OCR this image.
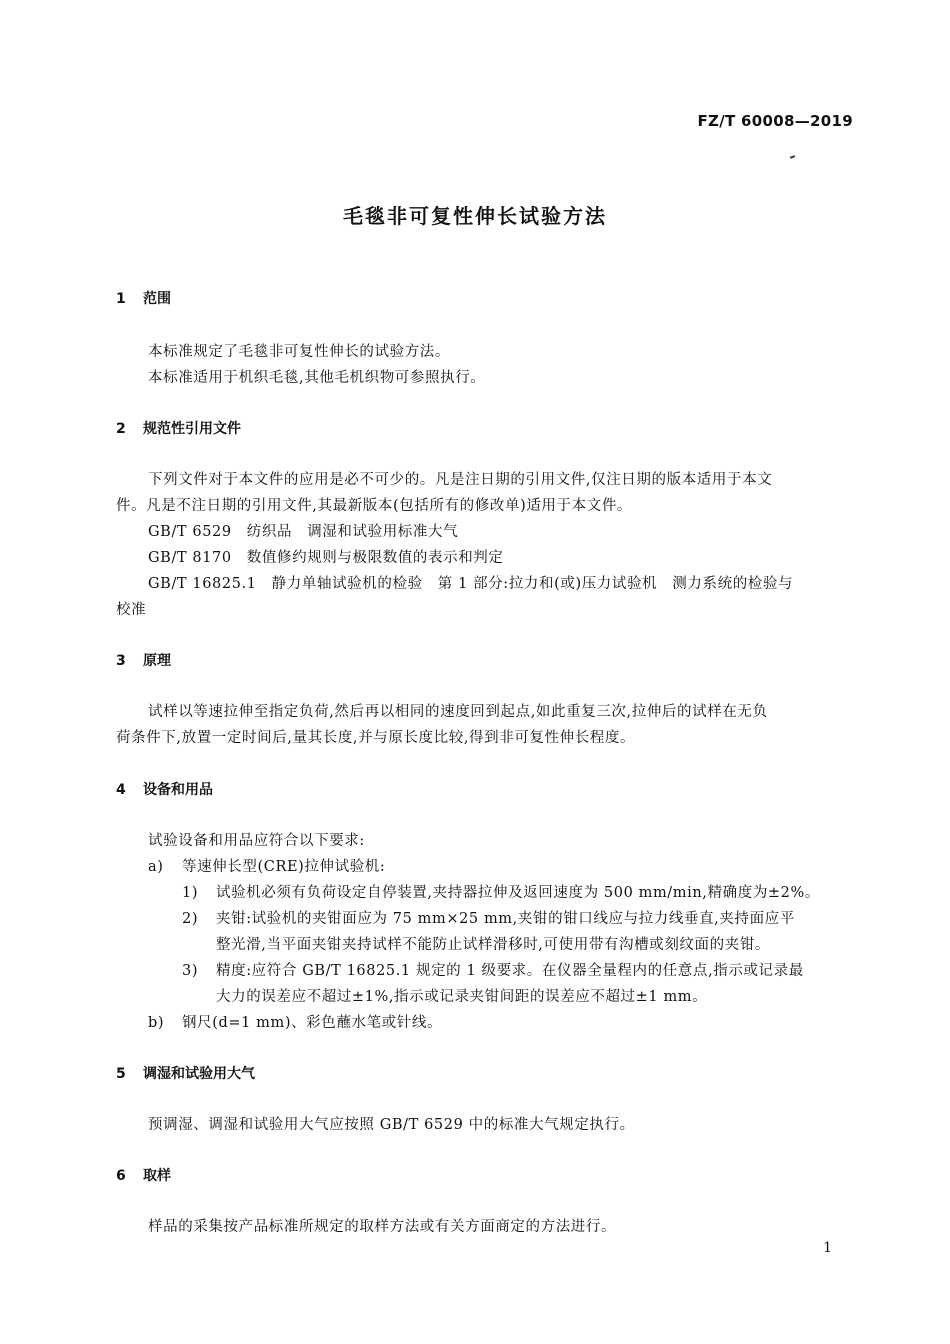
FZ/T 60008—2019
毛毯非可复性伸长试验方法
1 范围
本标准规定了毛毯非可复性伸长的试验方法。
本标准适用于机织毛毯,其他毛机织物可参照执行。
2 规范性引用文件
下列文件对于本文件的应用是必不可少的。凡是注日期的引用文件,仅注日期的版本适用于本文
件。凡是不注日期的引用文件,其最新版本(包括所有的修改单)适用于本文件。
GB/T 6529　纺织品　调湿和试验用标准大气
GB/T 8170　数值修约规则与极限数值的表示和判定
GB/T 16825.1　静力单轴试验机的检验　第 1 部分:拉力和(或)压力试验机　测力系统的检验与
校准
3 原理
试样以等速拉伸至指定负荷,然后再以相同的速度回到起点,如此重复三次,拉伸后的试样在无负
荷条件下,放置一定时间后,量其长度,并与原长度比较,得到非可复性伸长程度。
4 设备和用品
试验设备和用品应符合以下要求:
a) 等速伸长型(CRE)拉伸试验机:
1) 试验机必须有负荷设定自停装置,夹持器拉伸及返回速度为 500 mm/min,精确度为±2%。
2) 夹钳:试验机的夹钳面应为 75 mm×25 mm,夹钳的钳口线应与拉力线垂直,夹持面应平
整光滑,当平面夹钳夹持试样不能防止试样滑移时,可使用带有沟槽或刻纹面的夹钳。
3) 精度:应符合 GB/T 16825.1 规定的 1 级要求。在仪器全量程内的任意点,指示或记录最
大力的误差应不超过±1%,指示或记录夹钳间距的误差应不超过±1 mm。
b) 钢尺(d=1 mm)、彩色蘸水笔或针线。
5 调湿和试验用大气
预调湿、调湿和试验用大气应按照 GB/T 6529 中的标准大气规定执行。
6 取样
样品的采集按产品标准所规定的取样方法或有关方面商定的方法进行。
1
